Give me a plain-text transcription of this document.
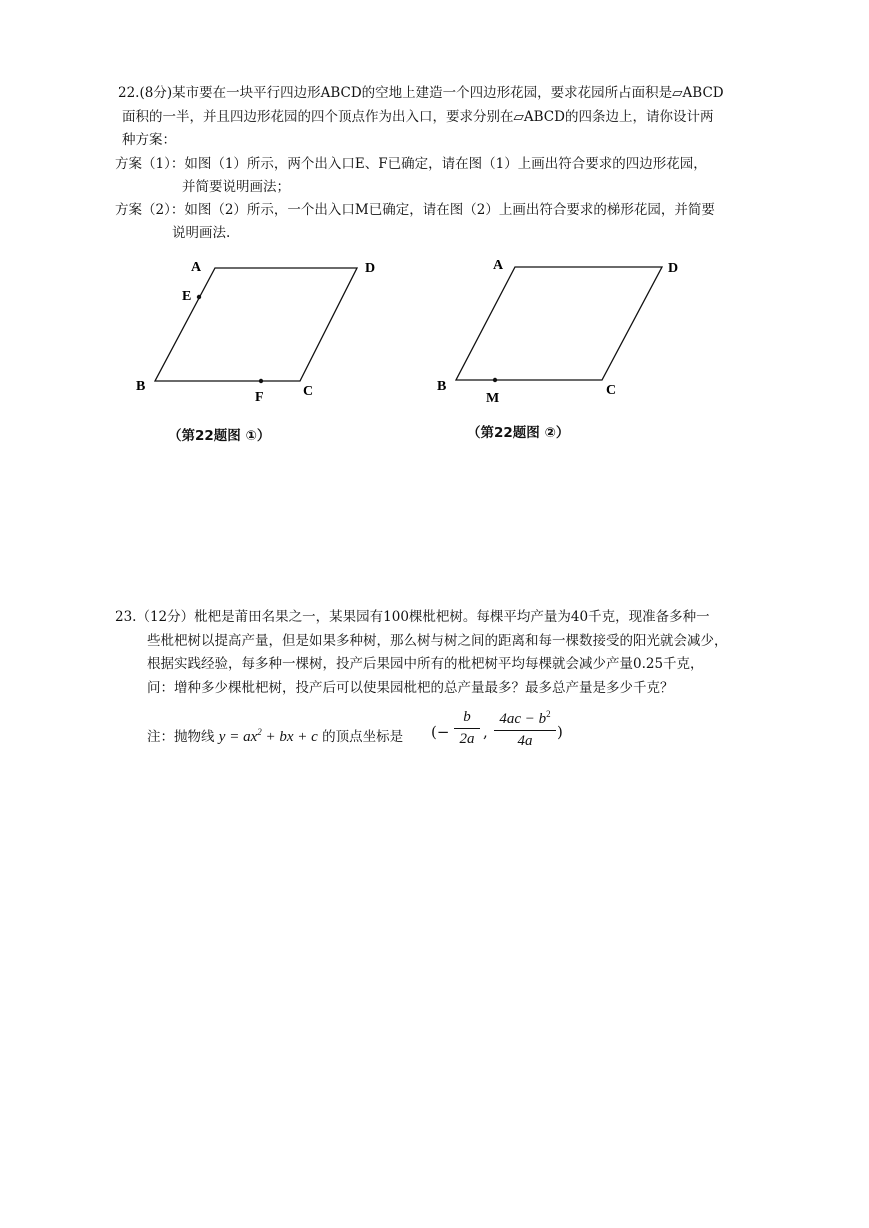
22.(8分)某市要在一块平行四边形ABCD的空地上建造一个四边形花园，要求花园所占面积是▱ABCD
面积的一半，并且四边形花园的四个顶点作为出入口，要求分别在▱ABCD的四条边上，请你设计两
种方案：
方案（1）：如图（1）所示，两个出入口E、F已确定，请在图（1）上画出符合要求的四边形花园，
并简要说明画法；
方案（2）：如图（2）所示，一个出入口M已确定，请在图（2）上画出符合要求的梯形花园，并简要
说明画法.
A	D
E
B	C
F
（第22题图 ①）
A	D
B	C
M
（第22题图 ②）
23.（12分）枇杷是莆田名果之一，某果园有100棵枇杷树。每棵平均产量为40千克，现准备多种一
些枇杷树以提高产量，但是如果多种树，那么树与树之间的距离和每一棵数接受的阳光就会减少，
根据实践经验，每多种一棵树，投产后果园中所有的枇杷树平均每棵就会减少产量0.25千克，
问：增种多少棵枇杷树，投产后可以使果园枇杷的总产量最多？最多总产量是多少千克？
注：抛物线 $y = ax^2$ + bx + c 的顶点坐标是 (−
b
2a ,
$4ac - b^2$
4a	)
